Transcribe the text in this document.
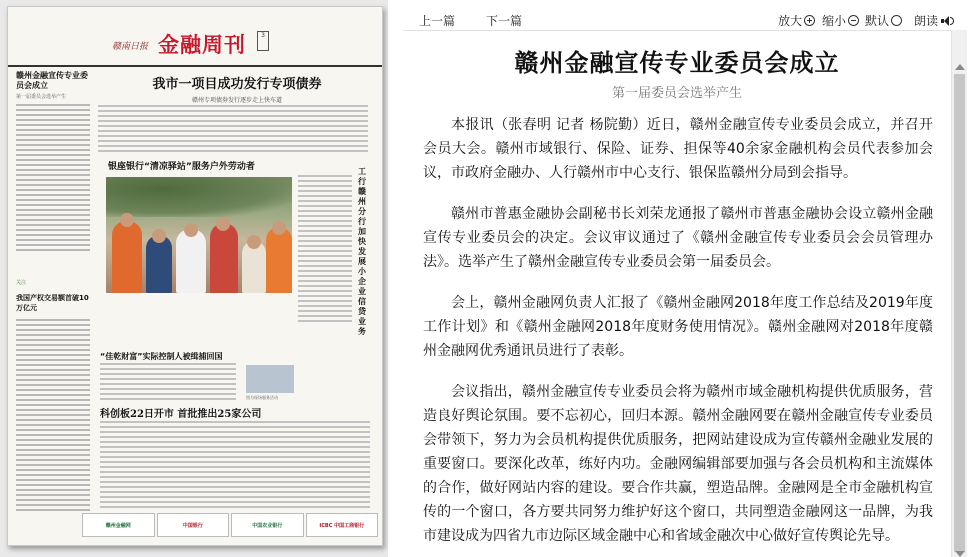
赣南日报 金融周刊	3
赣州金融宣传专业委员会成立
第一届委员会选举产生
关注
我国产权交易额首破10万亿元
我市一项目成功发行专项债券
赣州专项债券发行逐步走上快车道
银座银行“清凉驿站”服务户外劳动者	工行赣州分行加快发展小企业信贷业务
“佳乾财富”实际控制人被缉捕回国
图为现场服务活动
科创板22日开市 首批推出25家公司
赣州金融网	中国银行	中国农业银行	ICBC 中国工商银行
上一篇	下一篇	放大 缩小 默认 朗读
赣州金融宣传专业委员会成立
第一届委员会选举产生

本报讯（张春明 记者 杨院勤）近日，赣州金融宣传专业委员会成立，并召开会员大会。赣州市域银行、保险、证券、担保等40余家金融机构会员代表参加会议，市政府金融办、人行赣州市中心支行、银保监赣州分局到会指导。

赣州市普惠金融协会副秘书长刘荣龙通报了赣州市普惠金融协会设立赣州金融宣传专业委员会的决定。会议审议通过了《赣州金融宣传专业委员会会员管理办法》。选举产生了赣州金融宣传专业委员会第一届委员会。

会上，赣州金融网负责人汇报了《赣州金融网2018年度工作总结及2019年度工作计划》和《赣州金融网2018年度财务使用情况》。赣州金融网对2018年度赣州金融网优秀通讯员进行了表彰。

会议指出，赣州金融宣传专业委员会将为赣州市域金融机构提供优质服务，营造良好舆论氛围。要不忘初心，回归本源。赣州金融网要在赣州金融宣传专业委员会带领下，努力为会员机构提供优质服务，把网站建设成为宣传赣州金融业发展的重要窗口。要深化改革，练好内功。金融网编辑部要加强与各会员机构和主流媒体的合作，做好网站内容的建设。要合作共赢，塑造品牌。金融网是全市金融机构宣传的一个窗口，各方要共同努力维护好这个窗口，共同塑造金融网这一品牌，为我市建设成为四省九市边际区域金融中心和省域金融次中心做好宣传舆论先导。
